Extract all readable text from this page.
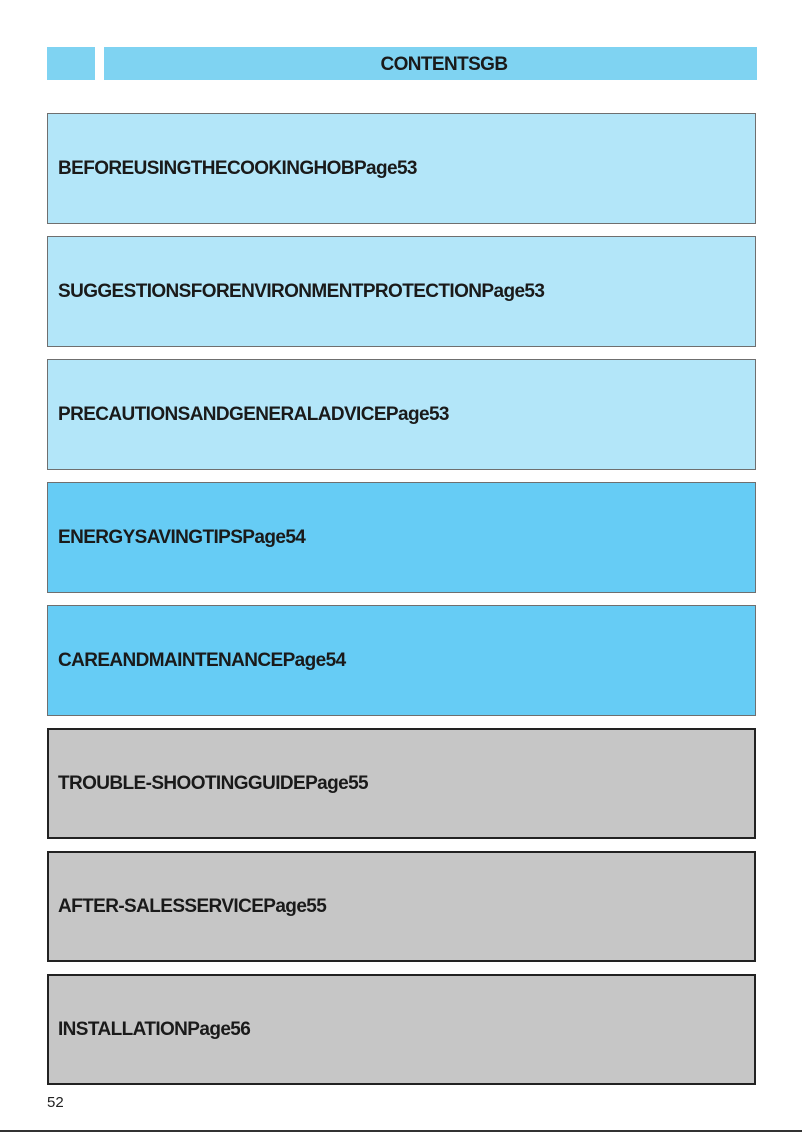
CONTENTSGB
BEFOREUSINGTHECOOKINGHOBPage53
SUGGESTIONSFORENVIRONMENTPROTECTIONPage53
PRECAUTIONSANDGENERALADVICEPage53
ENERGYSAVINGTIPSPage54
CAREANDMAINTENANCEPage54
TROUBLE-SHOOTINGGUIDEPage55
AFTER-SALESSERVICEPage55
INSTALLATIONPage56
52
